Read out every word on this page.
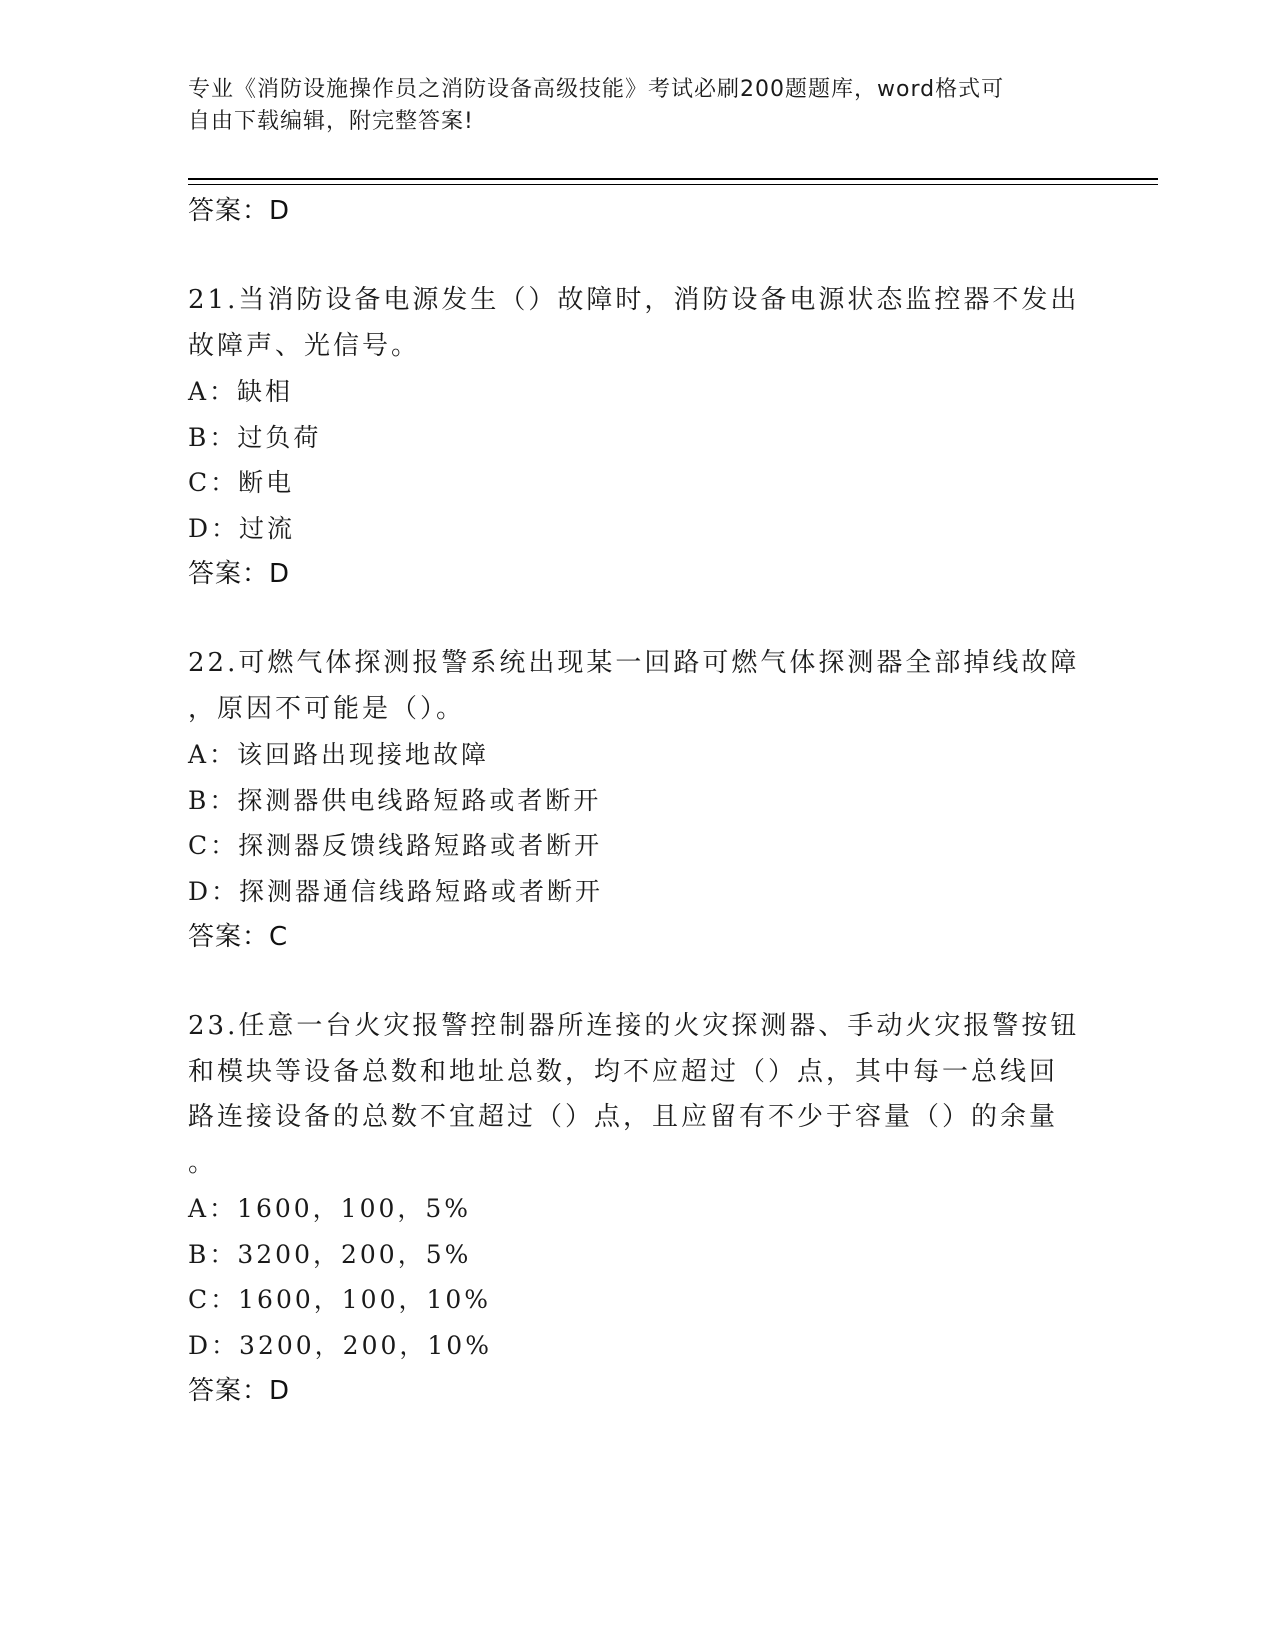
专业《消防设施操作员之消防设备高级技能》考试必刷200题题库，word格式可
自由下载编辑，附完整答案!
答案：D
21.当消防设备电源发生（）故障时，消防设备电源状态监控器不发出
故障声、光信号。
A：缺相
B：过负荷
C：断电
D：过流
答案：D
22.可燃气体探测报警系统出现某一回路可燃气体探测器全部掉线故障
，原因不可能是（）。
A：该回路出现接地故障
B：探测器供电线路短路或者断开
C：探测器反馈线路短路或者断开
D：探测器通信线路短路或者断开
答案：C
23.任意一台火灾报警控制器所连接的火灾探测器、手动火灾报警按钮
和模块等设备总数和地址总数，均不应超过（）点，其中每一总线回
路连接设备的总数不宜超过（）点，且应留有不少于容量（）的余量
。
A：1600，100，5%
B：3200，200，5%
C：1600，100，10%
D：3200，200，10%
答案：D
